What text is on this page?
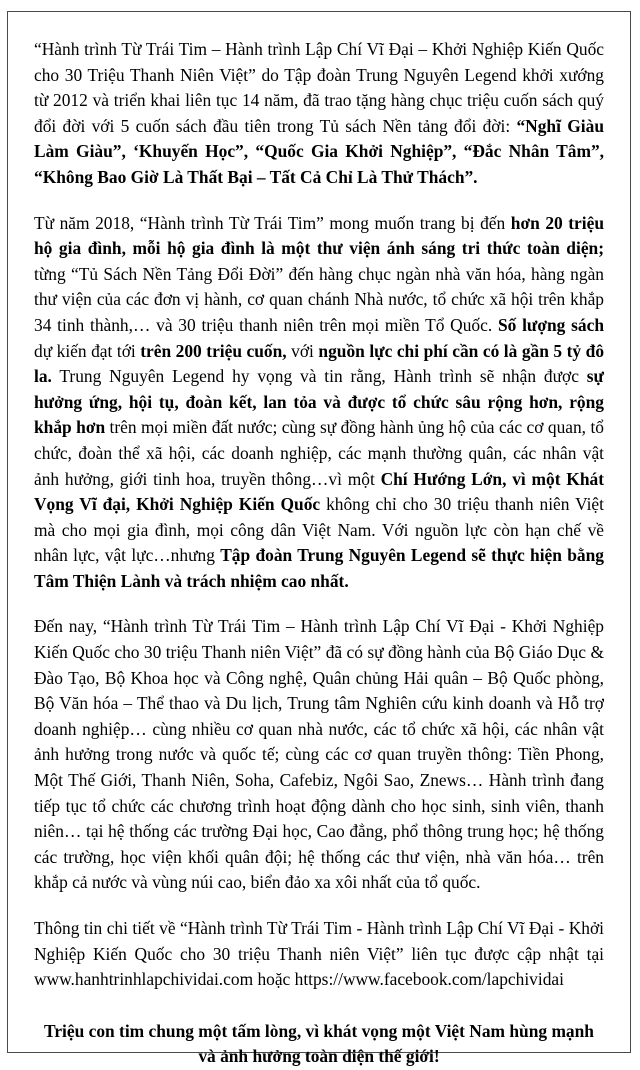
“Hành trình Từ Trái Tim – Hành trình Lập Chí Vĩ Đại – Khởi Nghiệp Kiến Quốc cho 30 Triệu Thanh Niên Việt” do Tập đoàn Trung Nguyên Legend khởi xướng từ 2012 và triển khai liên tục 14 năm, đã trao tặng hàng chục triệu cuốn sách quý đổi đời với 5 cuốn sách đầu tiên trong Tủ sách Nền tảng đổi đời: “Nghĩ Giàu Làm Giàu”, ‘Khuyến Học”, “Quốc Gia Khởi Nghiệp”, “Đắc Nhân Tâm”, “Không Bao Giờ Là Thất Bại – Tất Cả Chỉ Là Thử Thách”.

Từ năm 2018, “Hành trình Từ Trái Tim” mong muốn trang bị đến hơn 20 triệu hộ gia đình, mỗi hộ gia đình là một thư viện ánh sáng tri thức toàn diện; từng “Tủ Sách Nền Tảng Đổi Đời” đến hàng chục ngàn nhà văn hóa, hàng ngàn thư viện của các đơn vị hành, cơ quan chánh Nhà nước, tổ chức xã hội trên khắp 34 tinh thành,… và 30 triệu thanh niên trên mọi miền Tổ Quốc. Số lượng sách dự kiến đạt tới trên 200 triệu cuốn, với nguồn lực chi phí cần có là gần 5 tỷ đô la. Trung Nguyên Legend hy vọng và tin rằng, Hành trình sẽ nhận được sự hưởng ứng, hội tụ, đoàn kết, lan tỏa và được tổ chức sâu rộng hơn, rộng khắp hơn trên mọi miền đất nước; cùng sự đồng hành ủng hộ của các cơ quan, tổ chức, đoàn thể xã hội, các doanh nghiệp, các mạnh thường quân, các nhân vật ảnh hưởng, giới tinh hoa, truyền thông…vì một Chí Hướng Lớn, vì một Khát Vọng Vĩ đại, Khởi Nghiệp Kiến Quốc không chỉ cho 30 triệu thanh niên Việt mà cho mọi gia đình, mọi công dân Việt Nam. Với nguồn lực còn hạn chế về nhân lực, vật lực…nhưng Tập đoàn Trung Nguyên Legend sẽ thực hiện bằng Tâm Thiện Lành và trách nhiệm cao nhất.

Đến nay, “Hành trình Từ Trái Tim – Hành trình Lập Chí Vĩ Đại - Khởi Nghiệp Kiến Quốc cho 30 triệu Thanh niên Việt” đã có sự đồng hành của Bộ Giáo Dục & Đào Tạo, Bộ Khoa học và Công nghệ, Quân chủng Hải quân – Bộ Quốc phòng, Bộ Văn hóa – Thể thao và Du lịch, Trung tâm Nghiên cứu kinh doanh và Hỗ trợ doanh nghiệp… cùng nhiều cơ quan nhà nước, các tổ chức xã hội, các nhân vật ảnh hưởng trong nước và quốc tế; cùng các cơ quan truyền thông: Tiền Phong, Một Thế Giới, Thanh Niên, Soha, Cafebiz, Ngôi Sao, Znews… Hành trình đang tiếp tục tổ chức các chương trình hoạt động dành cho học sinh, sinh viên, thanh niên… tại hệ thống các trường Đại học, Cao đẳng, phổ thông trung học; hệ thống các trường, học viện khối quân đội; hệ thống các thư viện, nhà văn hóa… trên khắp cả nước và vùng núi cao, biển đảo xa xôi nhất của tổ quốc.

Thông tin chi tiết về “Hành trình Từ Trái Tim - Hành trình Lập Chí Vĩ Đại - Khởi Nghiệp Kiến Quốc cho 30 triệu Thanh niên Việt” liên tục được cập nhật tại www.hanhtrinhlapchividai.com hoặc https://www.facebook.com/lapchividai

Triệu con tim chung một tấm lòng, vì khát vọng một Việt Nam hùng mạnh

và ảnh hưởng toàn diện thế giới!
